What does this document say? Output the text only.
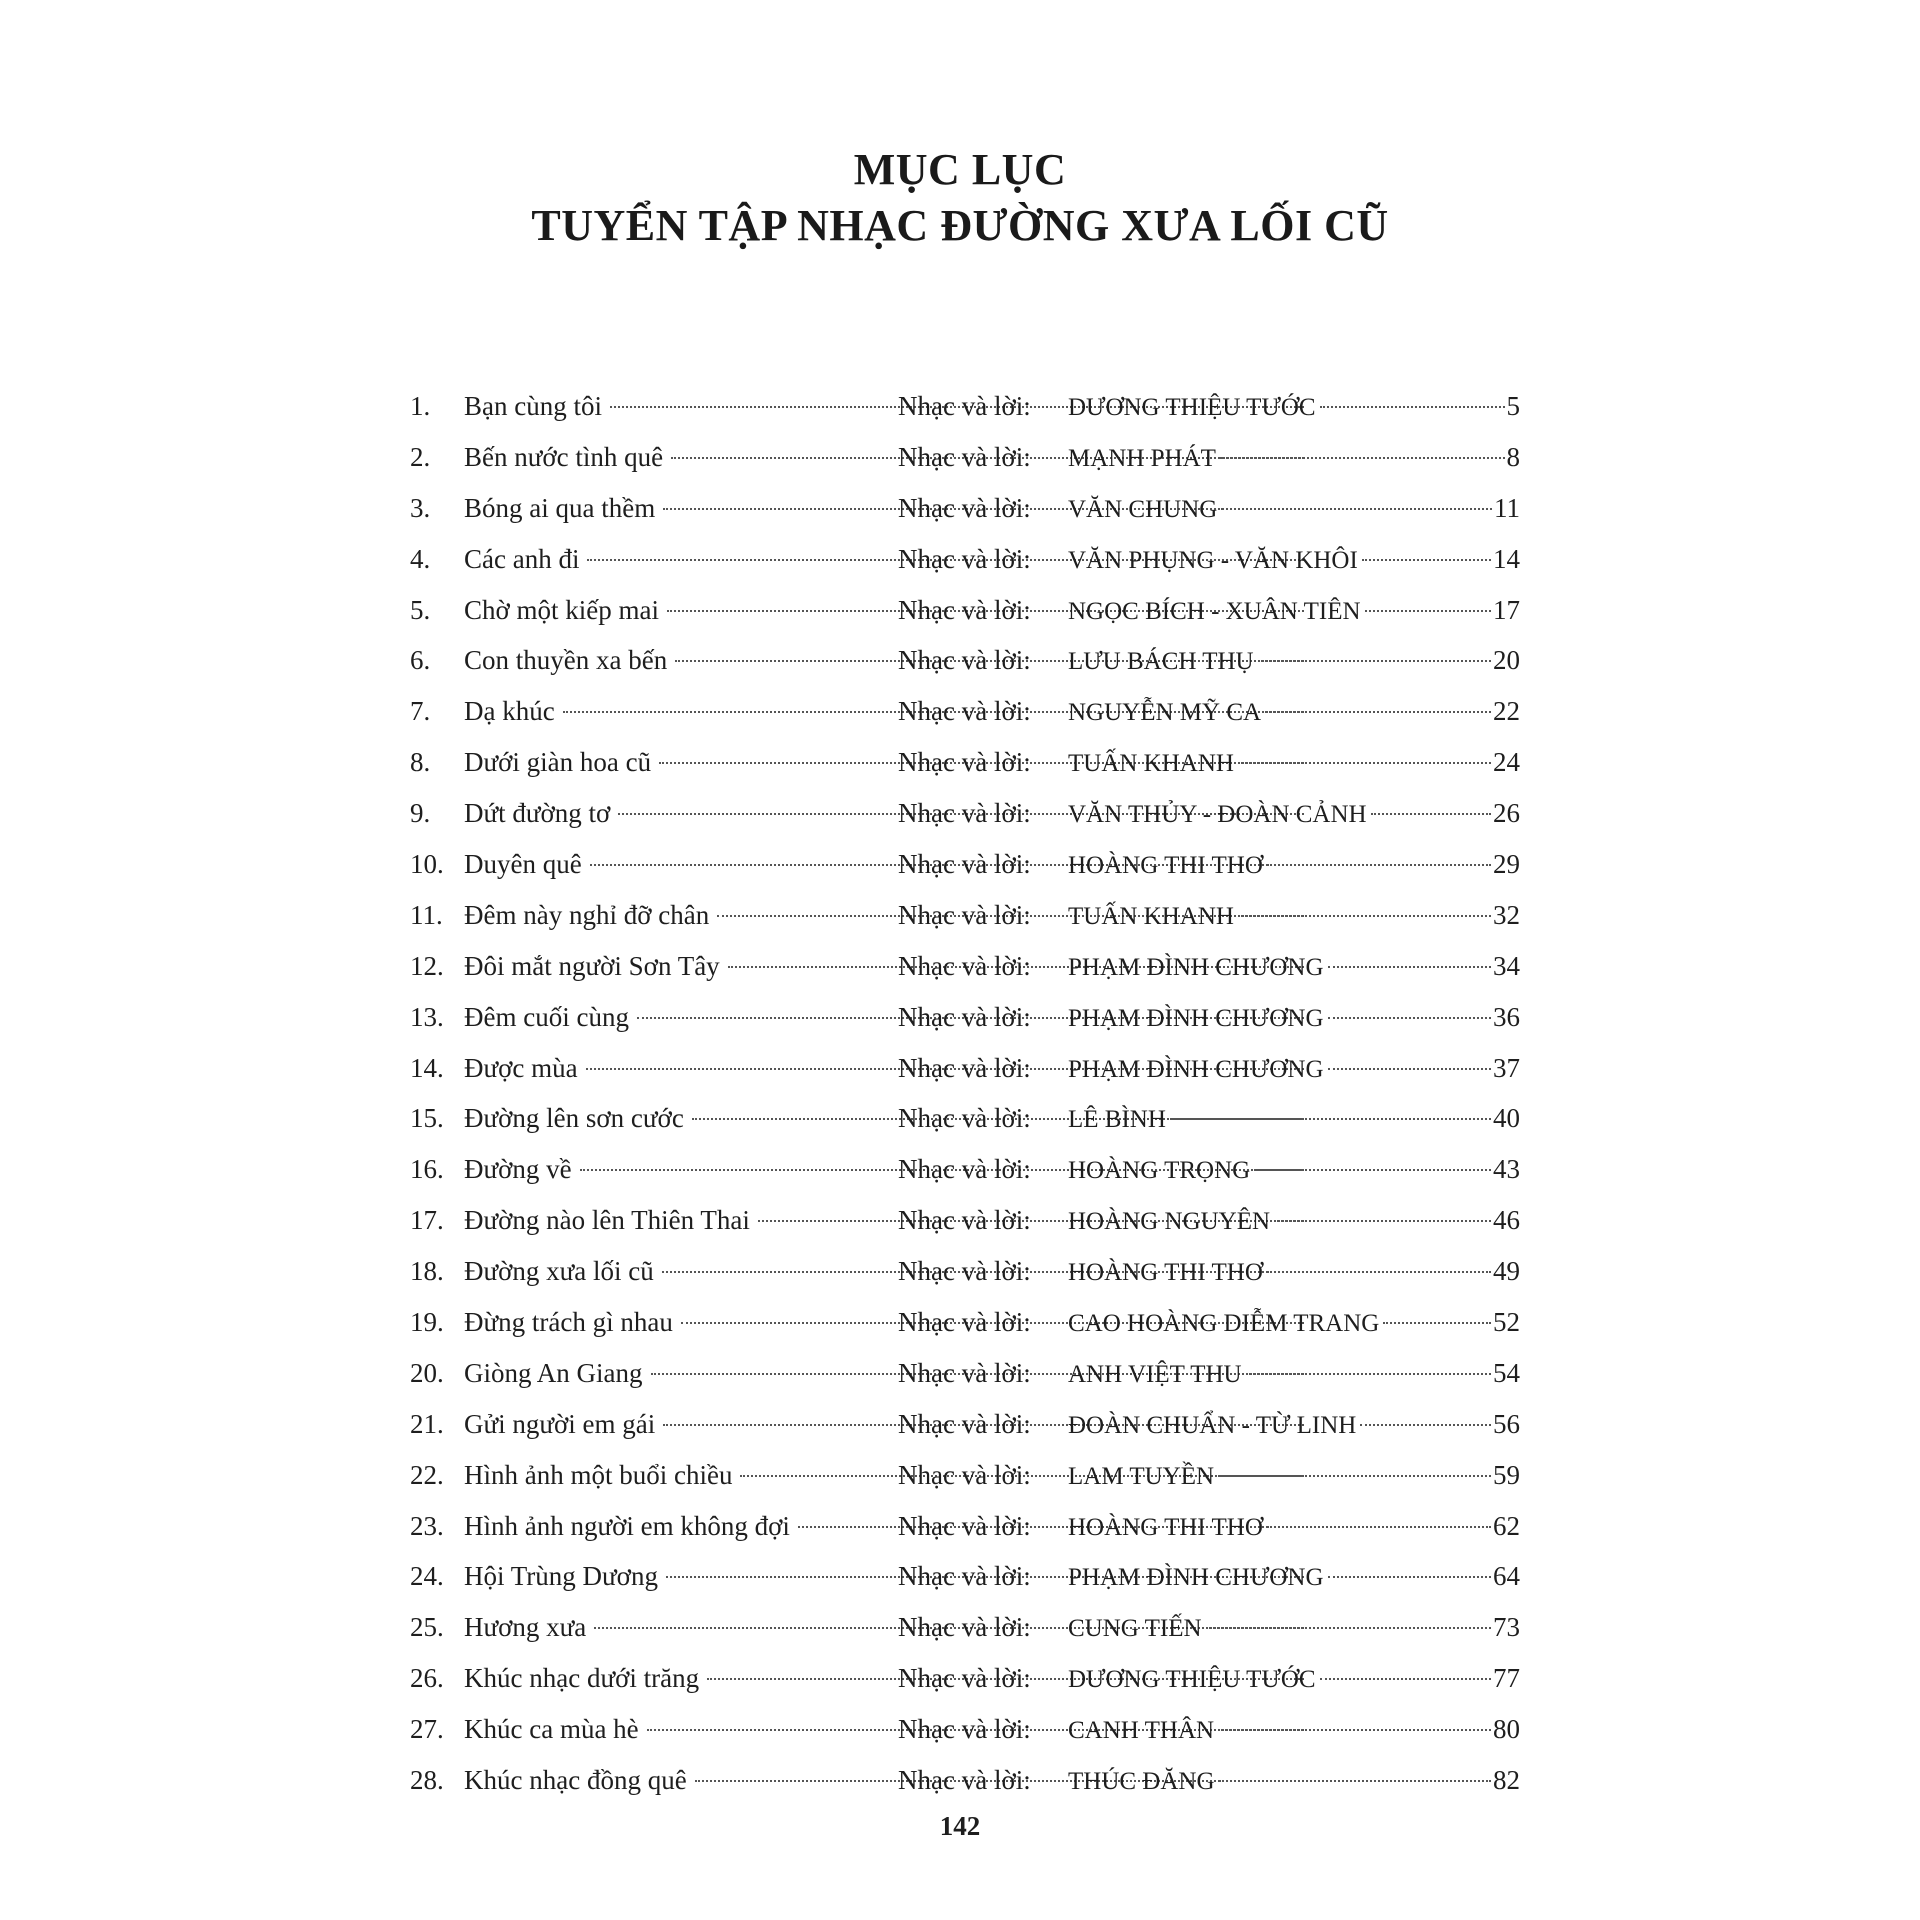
MỤC LỤC
TUYỂN TẬP NHẠC ĐƯỜNG XƯA LỐI CŨ
1.	Bạn cùng tôi	Nhạc và lời:	DƯƠNG THIỆU TƯỚC	5
2.	Bến nước tình quê	Nhạc và lời:	MẠNH PHÁT	8
3.	Bóng ai qua thềm	Nhạc và lời:	VĂN CHUNG	11
4.	Các anh đi	Nhạc và lời:	VĂN PHỤNG - VĂN KHÔI	14
5.	Chờ một kiếp mai	Nhạc và lời:	NGỌC BÍCH - XUÂN TIÊN	17
6.	Con thuyền xa bến	Nhạc và lời:	LƯU BÁCH THỤ	20
7.	Dạ khúc	Nhạc và lời:	NGUYỄN MỸ CA	22
8.	Dưới giàn hoa cũ	Nhạc và lời:	TUẤN KHANH	24
9.	Dứt đường tơ	Nhạc và lời:	VĂN THỦY - ĐOÀN CẢNH	26
10. Duyên quê	Nhạc và lời:	HOÀNG THI THƠ	29
11. Đêm này nghỉ đỡ chân	Nhạc và lời:	TUẤN KHANH	32
12. Đôi mắt người Sơn Tây	Nhạc và lời:	PHẠM ĐÌNH CHƯƠNG	34
13. Đêm cuối cùng	Nhạc và lời:	PHẠM ĐÌNH CHƯƠNG	36
14. Được mùa	Nhạc và lời:	PHẠM ĐÌNH CHƯƠNG	37
15. Đường lên sơn cước	Nhạc và lời:	LÊ BÌNH	40
16. Đường về	Nhạc và lời:	HOÀNG TRỌNG	43
17. Đường nào lên Thiên Thai	Nhạc và lời:	HOÀNG NGUYÊN	46
18. Đường xưa lối cũ	Nhạc và lời:	HOÀNG THI THƠ	49
19. Đừng trách gì nhau	Nhạc và lời:	CAO HOÀNG DIỄM TRANG	52
20. Giòng An Giang	Nhạc và lời:	ANH VIỆT THU	54
21. Gửi người em gái	Nhạc và lời:	ĐOÀN CHUẨN - TỪ LINH	56
22. Hình ảnh một buổi chiều	Nhạc và lời:	LAM TUYỀN	59
23. Hình ảnh người em không đợi	Nhạc và lời:	HOÀNG THI THƠ	62
24. Hội Trùng Dương	Nhạc và lời:	PHẠM ĐÌNH CHƯƠNG	64
25. Hương xưa	Nhạc và lời:	CUNG TIẾN	73
26. Khúc nhạc dưới trăng	Nhạc và lời:	DƯƠNG THIỆU TƯỚC	77
27. Khúc ca mùa hè	Nhạc và lời:	CANH THÂN	80
28. Khúc nhạc đồng quê	Nhạc và lời:	THÚC ĐĂNG	82
142
